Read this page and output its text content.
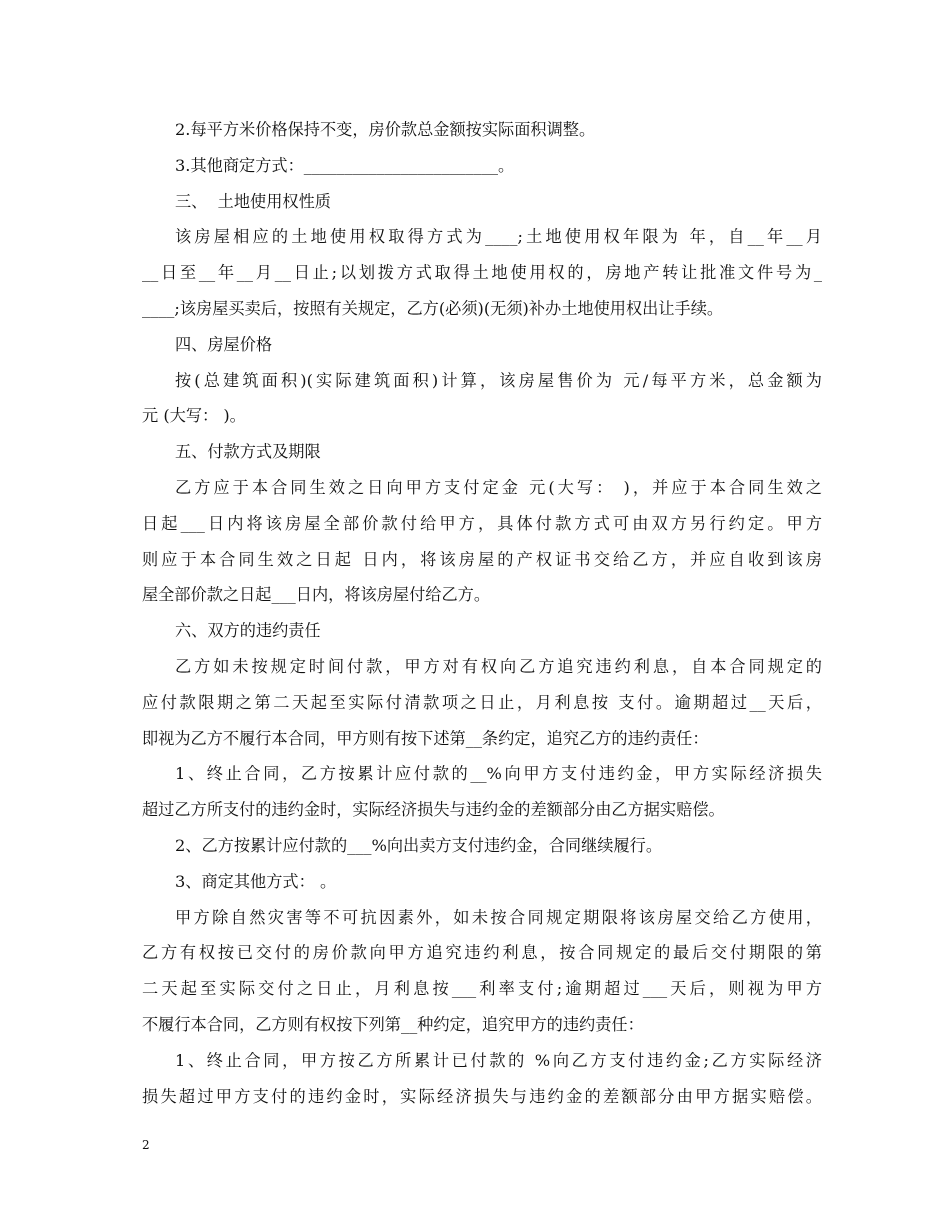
2.每平方米价格保持不变，房价款总金额按实际面积调整。
3.其他商定方式：________________________。
三、  土地使用权性质
该房屋相应的土地使用权取得方式为____;土地使用权年限为 年，自__年__月
__日至__年__月__日止;以划拨方式取得土地使用权的，房地产转让批准文件号为_
____;该房屋买卖后，按照有关规定，乙方(必须)(无须)补办土地使用权出让手续。
四、房屋价格
按(总建筑面积)(实际建筑面积)计算，该房屋售价为 元/每平方米，总金额为
元 (大写： )。
五、付款方式及期限
乙方应于本合同生效之日向甲方支付定金 元(大写： )，并应于本合同生效之
日起___日内将该房屋全部价款付给甲方，具体付款方式可由双方另行约定。甲方
则应于本合同生效之日起 日内，将该房屋的产权证书交给乙方，并应自收到该房
屋全部价款之日起___日内，将该房屋付给乙方。
六、双方的违约责任
乙方如未按规定时间付款，甲方对有权向乙方追究违约利息，自本合同规定的
应付款限期之第二天起至实际付清款项之日止，月利息按 支付。逾期超过__天后，
即视为乙方不履行本合同，甲方则有按下述第__条约定，追究乙方的违约责任：
1、终止合同，乙方按累计应付款的__%向甲方支付违约金，甲方实际经济损失
超过乙方所支付的违约金时，实际经济损失与违约金的差额部分由乙方据实赔偿。
2、乙方按累计应付款的___%向出卖方支付违约金，合同继续履行。
3、商定其他方式： 。
甲方除自然灾害等不可抗因素外，如未按合同规定期限将该房屋交给乙方使用，
乙方有权按已交付的房价款向甲方追究违约利息，按合同规定的最后交付期限的第
二天起至实际交付之日止，月利息按___利率支付;逾期超过___天后，则视为甲方
不履行本合同，乙方则有权按下列第__种约定，追究甲方的违约责任：
1、终止合同，甲方按乙方所累计已付款的 %向乙方支付违约金;乙方实际经济
损失超过甲方支付的违约金时，实际经济损失与违约金的差额部分由甲方据实赔偿。
2
